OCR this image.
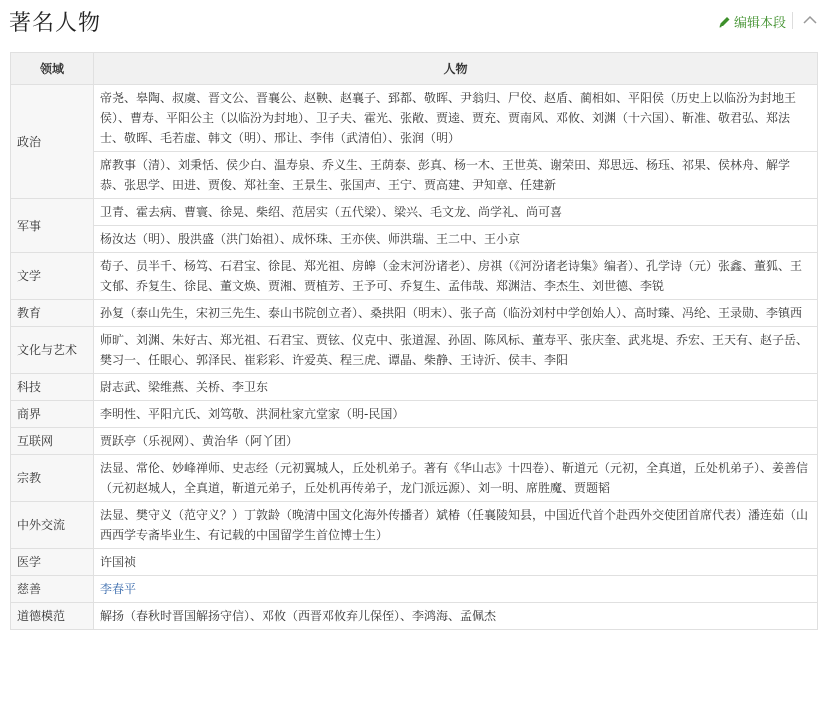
著名人物	编辑本段
领域	人物
政治	帝尧、皋陶、叔虞、晋文公、晋襄公、赵鞅、赵襄子、郅都、敬晖、尹翁归、尸佼、赵盾、蔺相如、平阳侯（历史上以临汾为封地王侯）、曹寿、平阳公主（以临汾为封地）、卫子夫、霍光、张敞、贾逵、贾充、贾南风、邓攸、刘渊（十六国）、靳准、敬君弘、郑法士、敬晖、毛若虚、韩文（明）、邢让、李伟（武清伯）、张润（明）
	席教事（清）、刘秉恬、侯少白、温寿泉、乔义生、王荫泰、彭真、杨一木、王世英、谢荣田、郑思远、杨珏、祁果、侯林舟、解学恭、张思学、田进、贾俊、郑社奎、王景生、张国声、王宁、贾高建、尹知章、任建新
军事	卫青、霍去病、曹寰、徐晃、柴绍、范居实（五代梁）、梁兴、毛文龙、尚学礼、尚可喜
	杨汝达（明）、殷洪盛（洪门始祖）、成怀珠、王亦侠、师洪瑞、王二中、王小京
文学	荀子、员半千、杨笃、石君宝、徐昆、郑光祖、房皞（金末河汾诸老）、房祺（《河汾诸老诗集》编者）、孔学诗（元）张鑫、董狐、王文郁、乔复生、徐昆、董文焕、贾湘、贾植芳、王予可、乔复生、孟伟哉、郑渊洁、李杰生、刘世德、李锐
教育	孙复（泰山先生，宋初三先生、泰山书院创立者）、桑拱阳（明末）、张子高（临汾刘村中学创始人）、高时臻、冯纶、王录勋、李镇西
文化与艺术	师旷、刘渊、朱好古、郑光祖、石君宝、贾铉、仪克中、张道渥、孙固、陈风标、董寿平、张庆奎、武兆堤、乔宏、王天有、赵子岳、樊习一、任眼心、郭泽民、崔彩彩、许爱英、程三虎、谭晶、柴静、王诗沂、侯丰、李阳
科技	尉志武、梁维燕、关桥、李卫东
商界	李明性、平阳亢氏、刘笃敬、洪洞杜家亢堂家（明-民国）
互联网	贾跃亭（乐视网）、黄治华（阿丫团）
宗教	法显、常伦、妙峰禅师、史志经（元初翼城人，丘处机弟子。著有《华山志》十四卷）、靳道元（元初，全真道，丘处机弟子）、姜善信（元初赵城人，全真道，靳道元弟子，丘处机再传弟子，龙门派远源）、刘一明、席胜魔、贾题韬
中外交流	法显、樊守义（范守义？）丁敦龄（晚清中国文化海外传播者）斌椿（任襄陵知县，中国近代首个赴西外交使团首席代表）潘连茹（山西西学专斋毕业生、有记载的中国留学生首位博士生）
医学	许国祯
慈善	李春平
道德模范	解扬（春秋时晋国解扬守信）、邓攸（西晋邓攸弃儿保侄）、李鸿海、孟佩杰
